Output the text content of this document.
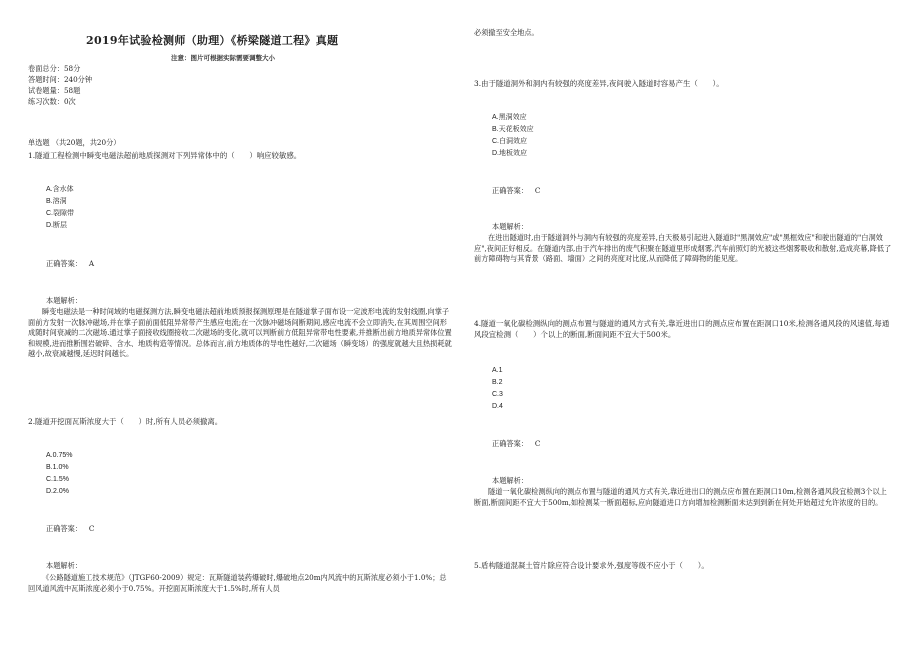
2019年试验检测师（助理）《桥梁隧道工程》真题

注意：图片可根据实际需要调整大小

卷面总分：58分

答题时间：240分钟

试卷题量：58题

练习次数：0次

单选题 （共20题，共20分）

1.隧道工程检测中瞬变电磁法超前地质探测对下列异常体中的（　　）响应较敏感。

A.含水体

B.溶洞

C.裂隙带

D.断层

正确答案： A

本题解析：

瞬变电磁法是一种时间域的电磁探测方法,瞬变电磁法超前地质预报探测原理是在隧道掌子面布设一定波形电流的发射线圈,向掌子面前方发射一次脉冲磁场,并在掌子面前面低阻异常带产生感应电流;在一次脉冲磁场间断期间,感应电流不会立即消失,在其周围空间形成随时间衰减的二次磁场.通过掌子面接收线圈接收二次磁场的变化,就可以判断前方低阻异常带电性要素,并推断出前方地质异常体位置和规模,进而推断围岩破碎、含水、地质构造等情况。总体而言,前方地质体的导电性越好,二次磁场（瞬变场）的强度就越大且热损耗就越小,故衰减越慢,延迟时间越长。

2.隧道开挖面瓦斯浓度大于（　　）时,所有人员必须撤离。

A.0.75%

B.1.0%

C.1.5%

D.2.0%

正确答案： C

本题解析：

《公路隧道施工技术规范》（JTGF60-2009）规定：瓦斯隧道装药爆破时,爆破地点20m内风流中的瓦斯浓度必须小于1.0%；总回风道风流中瓦斯浓度必须小于0.75%。开挖面瓦斯浓度大于1.5%时,所有人员

必须撤至安全地点。

3.由于隧道洞外和洞内有较强的亮度差异,夜间驶入隧道时容易产生（　　）。

A.黑洞效应

B.天花板效应

C.白洞效应

D.地板效应

正确答案： C

本题解析：

在进出隧道时,由于隧道洞外与洞内有较强的亮度差异,白天极易引起进入隧道时"黑洞效应"或"黑框效应"和驶出隧道的"白洞效应",夜间正好相反。在隧道内部,由于汽车排出的废气积聚在隧道里形成烟雾,汽车前照灯的光被这些烟雾吸收和散射,造成亮幕,降低了前方障碍物与其背景（路面、墙面）之间的亮度对比度,从而降低了障碍物的能见度。

4.隧道一氧化碳检测纵向的测点布置与隧道的通风方式有关,靠近进出口的测点应布置在距洞口10米,检测各通风段的风速值,每通风段宜检测（　　）个以上的断面,断面间距不宜大于500米。

A.1

B.2

C.3

D.4

正确答案： C

本题解析：

隧道一氧化碳检测纵向的测点布置与隧道的通风方式有关,靠近进出口的测点应布置在距洞口10m,检测各通风段宜检测3个以上断面,断面间距不宜大于500m,如检测某一断面超标,应向隧道进口方向增加检测断面未达到到新在何处开始超过允许浓度的目的。

5.盾构隧道混凝土管片除应符合设计要求外,强度等级不应小于（　　）。
